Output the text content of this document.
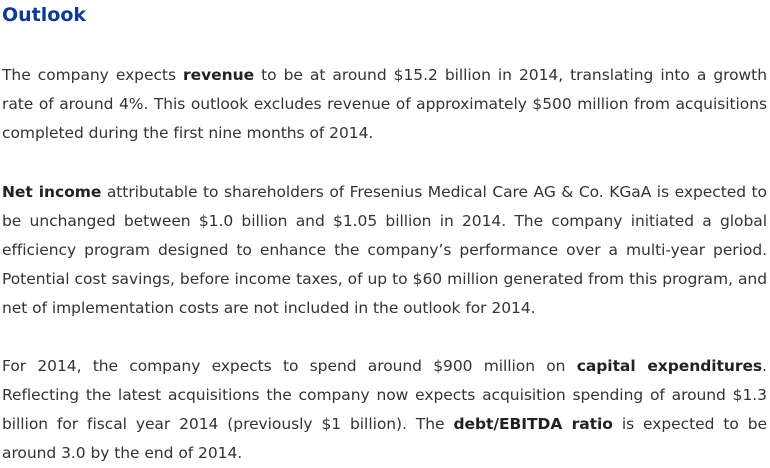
Outlook

The company expects revenue to be at around $15.2 billion in 2014, translating into a growth rate of around 4%. This outlook excludes revenue of approximately $500 million from acquisitions completed during the first nine months of 2014.

Net income attributable to shareholders of Fresenius Medical Care AG & Co. KGaA is expected to be unchanged between $1.0 billion and $1.05 billion in 2014. The company initiated a global efficiency program designed to enhance the company’s performance over a multi-year period. Potential cost savings, before income taxes, of up to $60 million generated from this program, and net of implementation costs are not included in the outlook for 2014.

For 2014, the company expects to spend around $900 million on capital expenditures. Reflecting the latest acquisitions the company now expects acquisition spending of around $1.3 billion for fiscal year 2014 (previously $1 billion). The debt/EBITDA ratio is expected to be around 3.0 by the end of 2014.
